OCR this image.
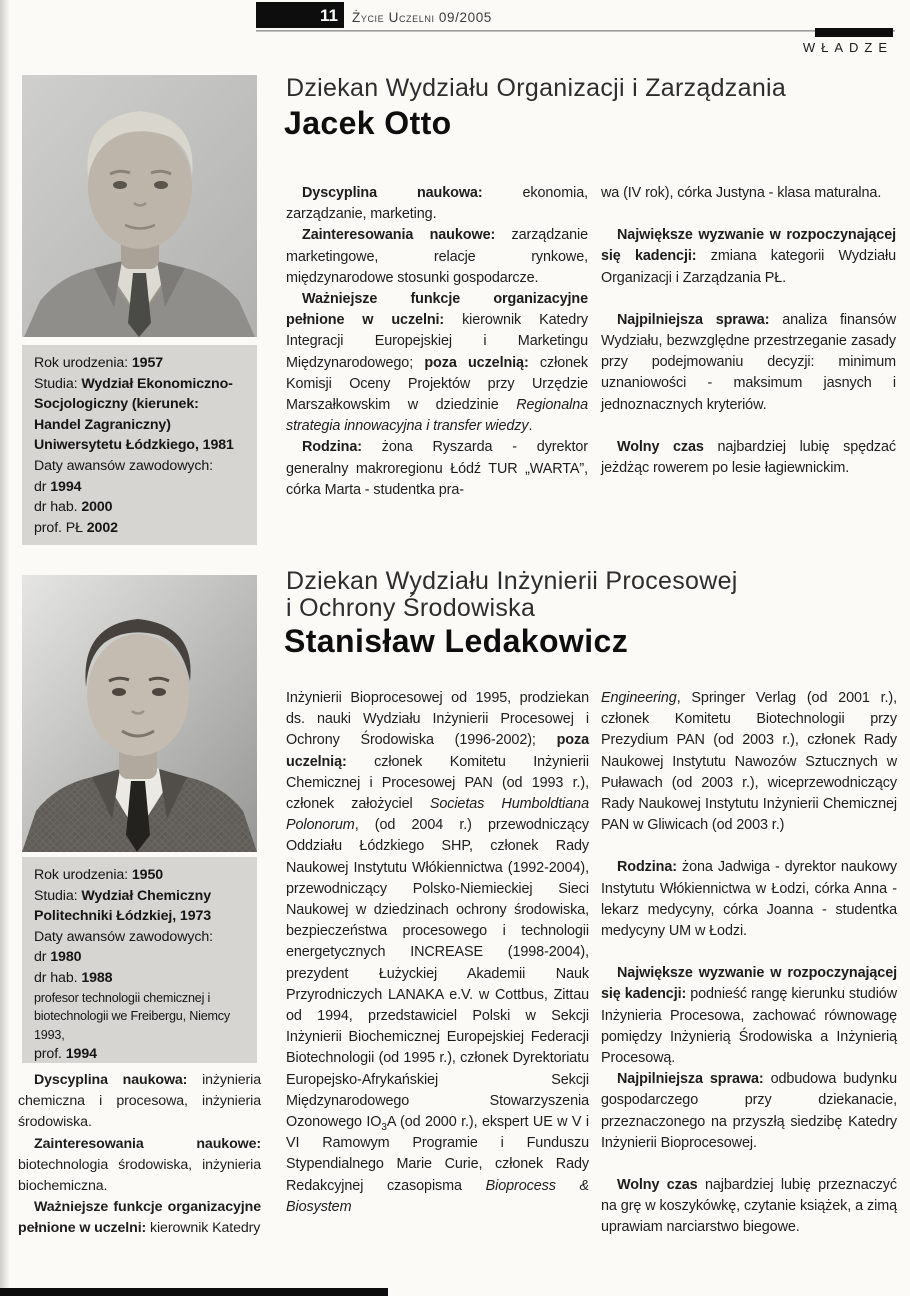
11	Życie Uczelni 09/2005
WŁADZE

Rok urodzenia: 1957

Studia: Wydział Ekonomiczno-Socjologiczny (kierunek: Handel Zagraniczny) Uniwersytetu Łódzkiego, 1981

Daty awansów zawodowych:

dr 1994

dr hab. 2000

prof. PŁ 2002

Dziekan Wydziału Organizacji i Zarządzania
Jacek Otto

Dyscyplina naukowa: ekonomia, zarządzanie, marketing.

Zainteresowania naukowe: zarządzanie marketingowe, relacje rynkowe, międzynarodowe stosunki gospodarcze.

Ważniejsze funkcje organizacyjne pełnione w uczelni: kierownik Katedry Integracji Europejskiej i Marketingu Międzynarodowego; poza uczelnią: członek Komisji Oceny Projektów przy Urzędzie Marszałkowskim w dziedzinie Regionalna strategia innowacyjna i transfer wiedzy.

Rodzina: żona Ryszarda - dyrektor generalny makroregionu Łódź TUR „WARTA”, córka Marta - studentka pra-

wa (IV rok), córka Justyna - klasa maturalna.

Największe wyzwanie w rozpoczynającej się kadencji: zmiana kategorii Wydziału Organizacji i Zarządzania PŁ.

Najpilniejsza sprawa: analiza finansów Wydziału, bezwzględne przestrzeganie zasady przy podejmowaniu decyzji: minimum uznaniowości - maksimum jasnych i jednoznacznych kryteriów.

Wolny czas najbardziej lubię spędzać jeżdżąc rowerem po lesie łagiewnickim.

Rok urodzenia: 1950

Studia: Wydział Chemiczny Politechniki Łódzkiej, 1973

Daty awansów zawodowych:

dr 1980

dr hab. 1988

profesor technologii chemicznej i biotechnologii we Freibergu, Niemcy 1993,

prof. 1994

Dziekan Wydziału Inżynierii Procesowej
i Ochrony Środowiska
Stanisław Ledakowicz

Dyscyplina naukowa: inżynieria chemiczna i procesowa, inżynieria środowiska.

Zainteresowania naukowe: biotechnologia środowiska, inżynieria biochemiczna.

Ważniejsze funkcje organizacyjne pełnione w uczelni: kierownik Katedry

Inżynierii Bioprocesowej od 1995, prodziekan ds. nauki Wydziału Inżynierii Procesowej i Ochrony Środowiska (1996-2002); poza uczelnią: członek Komitetu Inżynierii Chemicznej i Procesowej PAN (od 1993 r.), członek założyciel Societas Humboldtiana Polonorum, (od 2004 r.) przewodniczący Oddziału Łódzkiego SHP, członek Rady Naukowej Instytutu Włókiennictwa (1992-2004), przewodniczący Polsko-Niemieckiej Sieci Naukowej w dziedzinach ochrony środowiska, bezpieczeństwa procesowego i technologii energetycznych INCREASE (1998-2004), prezydent Łużyckiej Akademii Nauk Przyrodniczych LANAKA e.V. w Cottbus, Zittau od 1994, przedstawiciel Polski w Sekcji Inżynierii Biochemicznej Europejskiej Federacji Biotechnologii (od 1995 r.), członek Dyrektoriatu Europejsko-Afrykańskiej Sekcji Międzynarodowego Stowarzyszenia Ozonowego $IO_3A$ (od 2000 r.), ekspert UE w V i VI Ramowym Programie i Funduszu Stypendialnego Marie Curie, członek Rady Redakcyjnej czasopisma Bioprocess & Biosystem

Engineering, Springer Verlag (od 2001 r.), członek Komitetu Biotechnologii przy Prezydium PAN (od 2003 r.), członek Rady Naukowej Instytutu Nawozów Sztucznych w Puławach (od 2003 r.), wiceprzewodniczący Rady Naukowej Instytutu Inżynierii Chemicznej PAN w Gliwicach (od 2003 r.)

Rodzina: żona Jadwiga - dyrektor naukowy Instytutu Włókiennictwa w Łodzi, córka Anna - lekarz medycyny, córka Joanna - studentka medycyny UM w Łodzi.

Największe wyzwanie w rozpoczynającej się kadencji: podnieść rangę kierunku studiów Inżynieria Procesowa, zachować równowagę pomiędzy Inżynierią Środowiska a Inżynierią Procesową.

Najpilniejsza sprawa: odbudowa budynku gospodarczego przy dziekanacie, przeznaczonego na przyszłą siedzibę Katedry Inżynierii Bioprocesowej.

Wolny czas najbardziej lubię przeznaczyć na grę w koszykówkę, czytanie książek, a zimą uprawiam narciarstwo biegowe.
